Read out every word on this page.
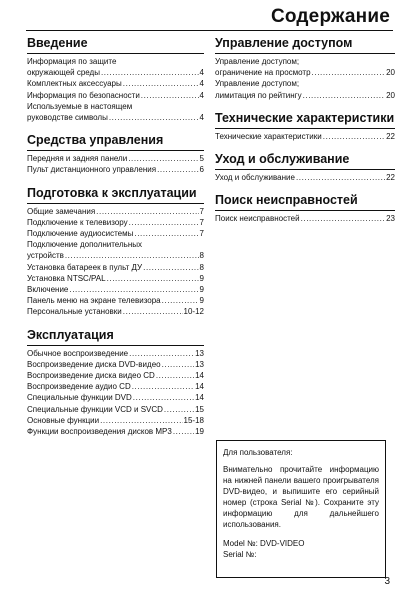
Содержание
Введение
Информация по защите
окружающей среды .....	4
Комплектных аксессуары .....	4
Информация по безопасности .....	4
Используемые в настоящем
руководстве символы .....	4
Средства управления
Передняя и задняя панели .....	5
Пульт дистанционного управления .....	6
Подготовка к эксплуатации
Общие замечания .....	7
Подключение к телевизору .....	7
Подключение аудиосистемы .....	7
Подключение дополнительных
устройств .....	8
Установка батареек в пульт ДУ .....	8
Установка NTSC/PAL .....	9
Включение .....	9
Панель меню на экране телевизора .....	9
Персональные установки .....	10-12
Эксплуатация
Обычное воспроизведение .....	13
Воспроизведение диска DVD-видео .....	13
Воспроизведение диска видео CD .....	14
Воспроизведение аудио CD .....	14
Специальные функции DVD .....	14
Специальные функции VCD и SVCD .....	15
Основные функции .....	15-18
Функции воспроизведения дисков MP3 .....	19
Управление доступом
Управление доступом;
ограничение на просмотр .....	20
Управление доступом;
лимитация по рейтингу .....	20
Технические характеристики
Технические характеристики .....	22
Уход и обслуживание
Уход и обслуживание .....	22
Поиск неисправностей
Поиск неисправностей .....	23
Для пользователя:
Внимательно прочитайте информацию на нижней панели вашего проигрывателя DVD-видео, и выпишите его серийный номер (строка Serial №). Сохраните эту информацию для дальнейшего использования.
Model №: DVD-VIDEO
Serial №:
3
